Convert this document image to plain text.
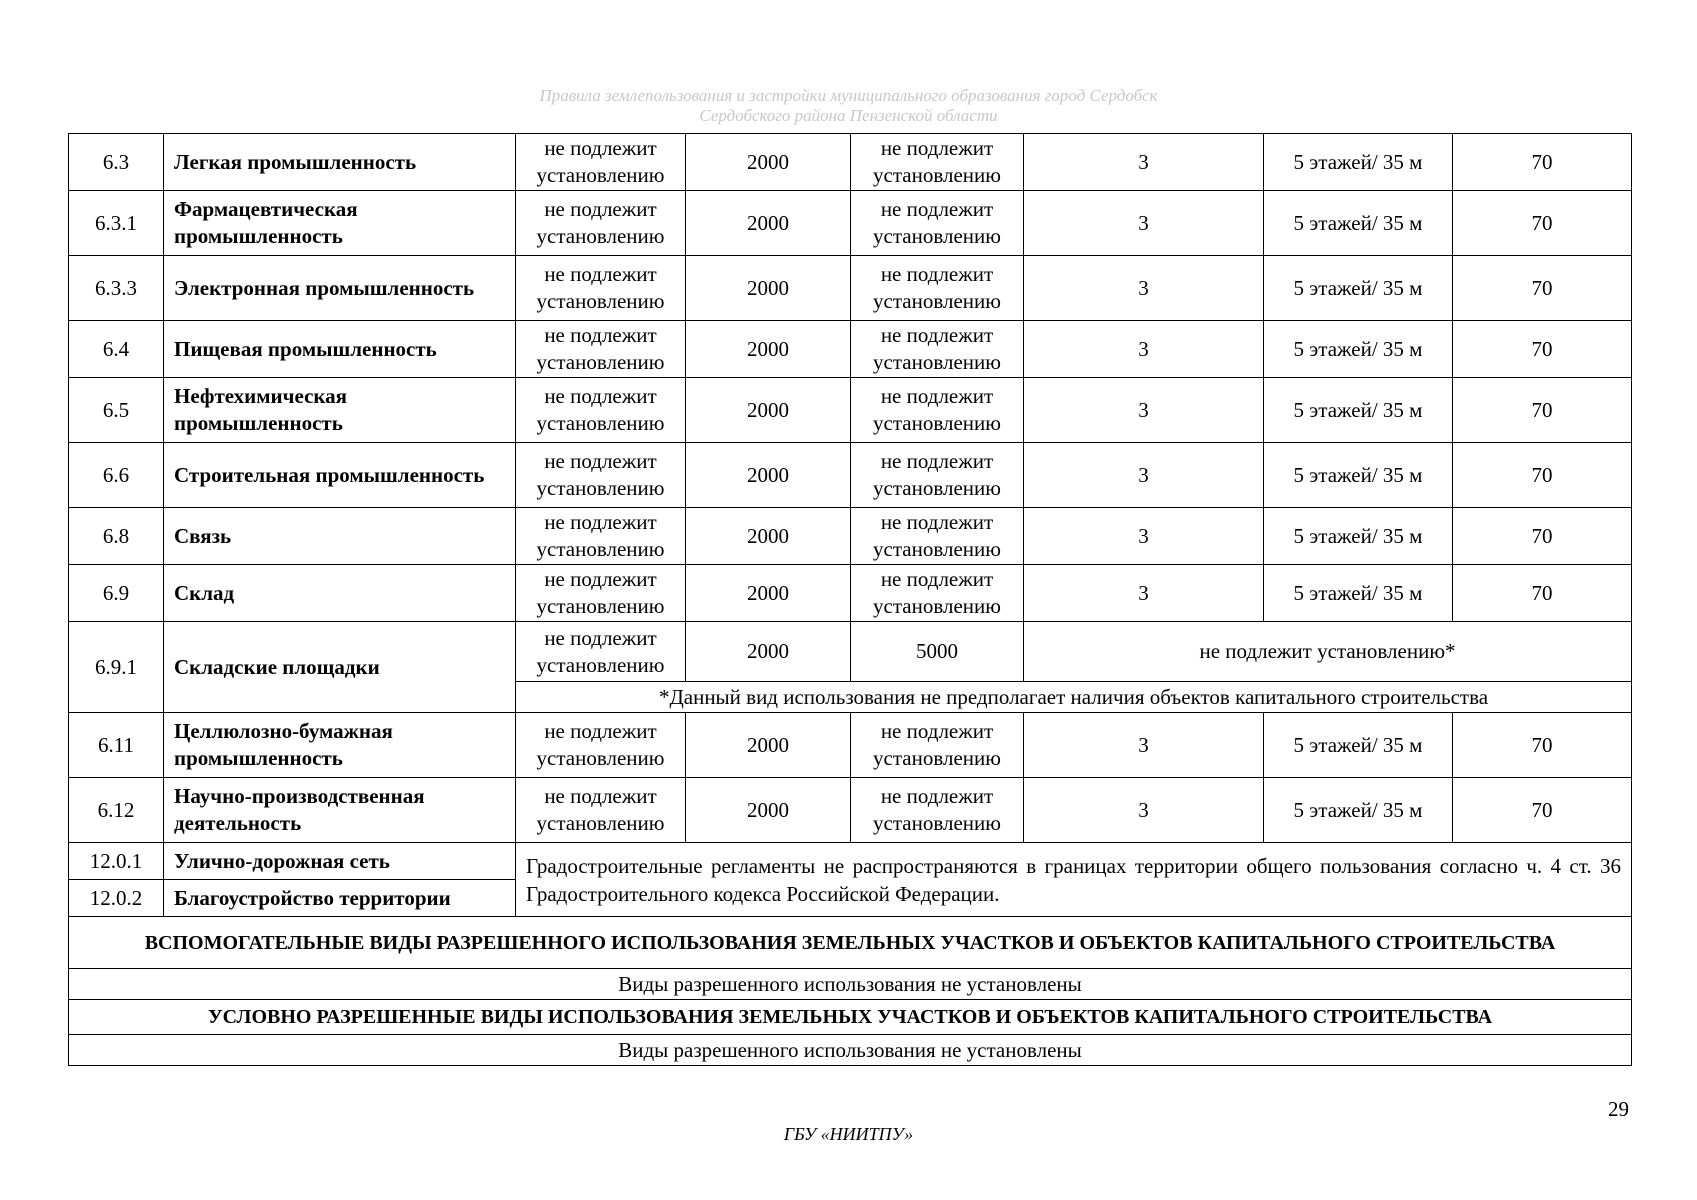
Правила землепользования и застройки муниципального образования город Сердобск
Сердобского района Пензенской области
6.3	Легкая промышленность	не подлежит установлению	2000	не подлежит установлению	3	5 этажей/ 35 м	70
6.3.1	Фармацевтическая промышленность	не подлежит установлению	2000	не подлежит установлению	3	5 этажей/ 35 м	70
6.3.3	Электронная промышленность	не подлежит установлению	2000	не подлежит установлению	3	5 этажей/ 35 м	70
6.4	Пищевая промышленность	не подлежит установлению	2000	не подлежит установлению	3	5 этажей/ 35 м	70
6.5	Нефтехимическая промышленность	не подлежит установлению	2000	не подлежит установлению	3	5 этажей/ 35 м	70
6.6	Строительная промышленность	не подлежит установлению	2000	не подлежит установлению	3	5 этажей/ 35 м	70
6.8	Связь	не подлежит установлению	2000	не подлежит установлению	3	5 этажей/ 35 м	70
6.9	Склад	не подлежит установлению	2000	не подлежит установлению	3	5 этажей/ 35 м	70
6.9.1	Складские площадки	не подлежит установлению	2000	5000	не подлежит установлению*		
		*Данный вид использования не предполагает наличия объектов капитального строительства					
6.11	Целлюлозно-бумажная промышленность	не подлежит установлению	2000	не подлежит установлению	3	5 этажей/ 35 м	70
6.12	Научно-производственная деятельность	не подлежит установлению	2000	не подлежит установлению	3	5 этажей/ 35 м	70
12.0.1	Улично-дорожная сеть	Градостроительные регламенты не распространяются в границах территории общего пользования согласно ч. 4 ст. 36 Градостроительного кодекса Российской Федерации.					
12.0.2	Благоустройство территории						
ВСПОМОГАТЕЛЬНЫЕ ВИДЫ РАЗРЕШЕННОГО ИСПОЛЬЗОВАНИЯ ЗЕМЕЛЬНЫХ УЧАСТКОВ И ОБЪЕКТОВ КАПИТАЛЬНОГО СТРОИТЕЛЬСТВА							
Виды разрешенного использования не установлены							
УСЛОВНО РАЗРЕШЕННЫЕ ВИДЫ ИСПОЛЬЗОВАНИЯ ЗЕМЕЛЬНЫХ УЧАСТКОВ И ОБЪЕКТОВ КАПИТАЛЬНОГО СТРОИТЕЛЬСТВА							
Виды разрешенного использования не установлены							
29
ГБУ «НИИТПУ»
